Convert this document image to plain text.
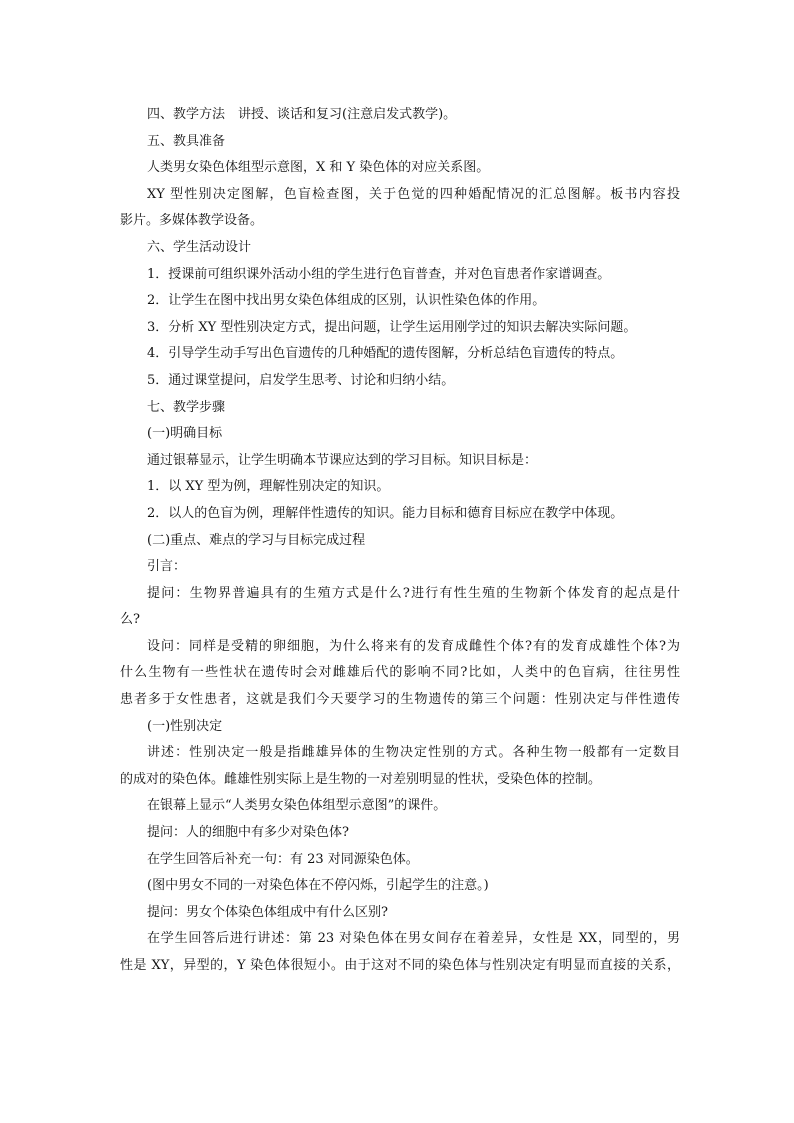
四、教学方法　讲授、谈话和复习(注意启发式教学)。
五、教具准备
人类男女染色体组型示意图，X 和 Y 染色体的对应关系图。
XY 型性别决定图解，色盲检查图，关于色觉的四种婚配情况的汇总图解。板书内容投
影片。多媒体教学设备。
六、学生活动设计
1．授课前可组织课外活动小组的学生进行色盲普查，并对色盲患者作家谱调查。
2．让学生在图中找出男女染色体组成的区别，认识性染色体的作用。
3．分析 XY 型性别决定方式，提出问题，让学生运用刚学过的知识去解决实际问题。
4．引导学生动手写出色盲遗传的几种婚配的遗传图解，分析总结色盲遗传的特点。
5．通过课堂提问，启发学生思考、讨论和归纳小结。
七、教学步骤
(一)明确目标
通过银幕显示，让学生明确本节课应达到的学习目标。知识目标是：
1．以 XY 型为例，理解性别决定的知识。
2．以人的色盲为例，理解伴性遗传的知识。能力目标和德育目标应在教学中体现。
(二)重点、难点的学习与目标完成过程
引言：
提问：生物界普遍具有的生殖方式是什么?进行有性生殖的生物新个体发育的起点是什
么?
设问：同样是受精的卵细胞，为什么将来有的发育成雌性个体?有的发育成雄性个体?为
什么生物有一些性状在遗传时会对雌雄后代的影响不同?比如，人类中的色盲病，往往男性
患者多于女性患者，这就是我们今天要学习的生物遗传的第三个问题：性别决定与伴性遗传
(一)性别决定
讲述：性别决定一般是指雌雄异体的生物决定性别的方式。各种生物一般都有一定数目
的成对的染色体。雌雄性别实际上是生物的一对差别明显的性状，受染色体的控制。
在银幕上显示“人类男女染色体组型示意图”的课件。
提问：人的细胞中有多少对染色体?
在学生回答后补充一句：有 23 对同源染色体。
(图中男女不同的一对染色体在不停闪烁，引起学生的注意。)
提问：男女个体染色体组成中有什么区别?
在学生回答后进行讲述：第 23 对染色体在男女间存在着差异，女性是 XX，同型的，男
性是 XY，异型的，Y 染色体很短小。由于这对不同的染色体与性别决定有明显而直接的关系，
